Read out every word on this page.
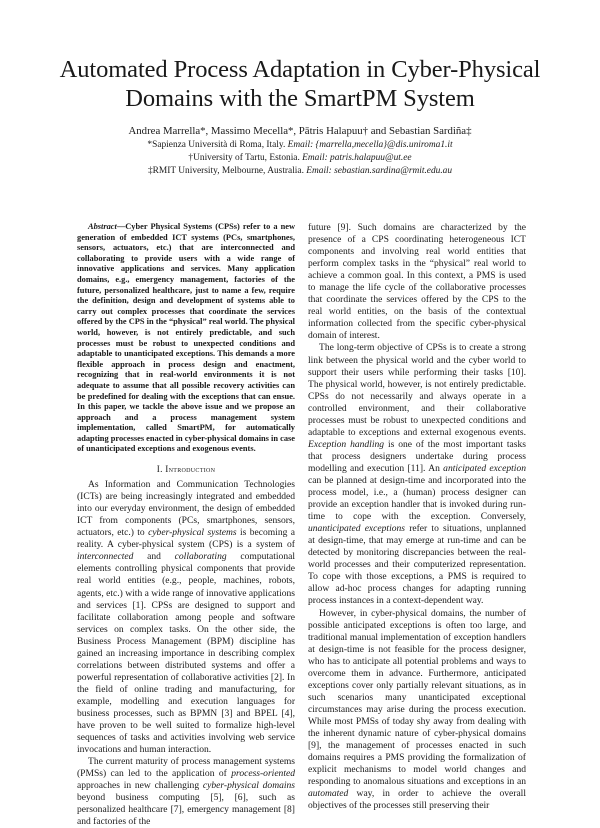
Automated Process Adaptation in Cyber-Physical
Domains with the SmartPM System
Andrea Marrella*, Massimo Mecella*, Pātris Halapuu† and Sebastian Sardiña‡
*Sapienza Università di Roma, Italy. Email: {marrella,mecella}@dis.uniroma1.it
†University of Tartu, Estonia. Email: patris.halapuu@ut.ee
‡RMIT University, Melbourne, Australia. Email: sebastian.sardina@rmit.edu.au

Abstract—Cyber Physical Systems (CPSs) refer to a new generation of embedded ICT systems (PCs, smartphones, sensors, actuators, etc.) that are interconnected and collaborating to provide users with a wide range of innovative applications and services. Many application domains, e.g., emergency management, factories of the future, personalized healthcare, just to name a few, require the definition, design and development of systems able to carry out complex processes that coordinate the services offered by the CPS in the “physical” real world. The physical world, however, is not entirely predictable, and such processes must be robust to unexpected conditions and adaptable to unanticipated exceptions. This demands a more flexible approach in process design and enactment, recognizing that in real-world environments it is not adequate to assume that all possible recovery activities can be predefined for dealing with the exceptions that can ensue. In this paper, we tackle the above issue and we propose an approach and a process management system implementation, called SmartPM, for automatically adapting processes enacted in cyber-physical domains in case of unanticipated exceptions and exogenous events.

I. Introduction

As Information and Communication Technologies (ICTs) are being increasingly integrated and embedded into our everyday environment, the design of embedded ICT from components (PCs, smartphones, sensors, actuators, etc.) to cyber-physical systems is becoming a reality. A cyber-physical system (CPS) is a system of interconnected and collaborating computational elements controlling physical components that provide real world entities (e.g., people, machines, robots, agents, etc.) with a wide range of innovative applications and services [1]. CPSs are designed to support and facilitate collaboration among people and software services on complex tasks. On the other side, the Business Process Management (BPM) discipline has gained an increasing importance in describing complex correlations between distributed systems and offer a powerful representation of collaborative activities [2]. In the field of online trading and manufacturing, for example, modelling and execution languages for business processes, such as BPMN [3] and BPEL [4], have proven to be well suited to formalize high-level sequences of tasks and activities involving web service invocations and human interaction.

The current maturity of process management systems (PMSs) can led to the application of process-oriented approaches in new challenging cyber-physical domains beyond business computing [5], [6], such as personalized healthcare [7], emergency management [8] and factories of the

future [9]. Such domains are characterized by the presence of a CPS coordinating heterogeneous ICT components and involving real world entities that perform complex tasks in the “physical” real world to achieve a common goal. In this context, a PMS is used to manage the life cycle of the collaborative processes that coordinate the services offered by the CPS to the real world entities, on the basis of the contextual information collected from the specific cyber-physical domain of interest.

The long-term objective of CPSs is to create a strong link between the physical world and the cyber world to support their users while performing their tasks [10]. The physical world, however, is not entirely predictable. CPSs do not necessarily and always operate in a controlled environment, and their collaborative processes must be robust to unexpected conditions and adaptable to exceptions and external exogenous events. Exception handling is one of the most important tasks that process designers undertake during process modelling and execution [11]. An anticipated exception can be planned at design-time and incorporated into the process model, i.e., a (human) process designer can provide an exception handler that is invoked during run-time to cope with the exception. Conversely, unanticipated exceptions refer to situations, unplanned at design-time, that may emerge at run-time and can be detected by monitoring discrepancies between the real-world processes and their computerized representation. To cope with those exceptions, a PMS is required to allow ad-hoc process changes for adapting running process instances in a context-dependent way.

However, in cyber-physical domains, the number of possible anticipated exceptions is often too large, and traditional manual implementation of exception handlers at design-time is not feasible for the process designer, who has to anticipate all potential problems and ways to overcome them in advance. Furthermore, anticipated exceptions cover only partially relevant situations, as in such scenarios many unanticipated exceptional circumstances may arise during the process execution. While most PMSs of today shy away from dealing with the inherent dynamic nature of cyber-physical domains [9], the management of processes enacted in such domains requires a PMS providing the formalization of explicit mechanisms to model world changes and responding to anomalous situations and exceptions in an automated way, in order to achieve the overall objectives of the processes still preserving their
